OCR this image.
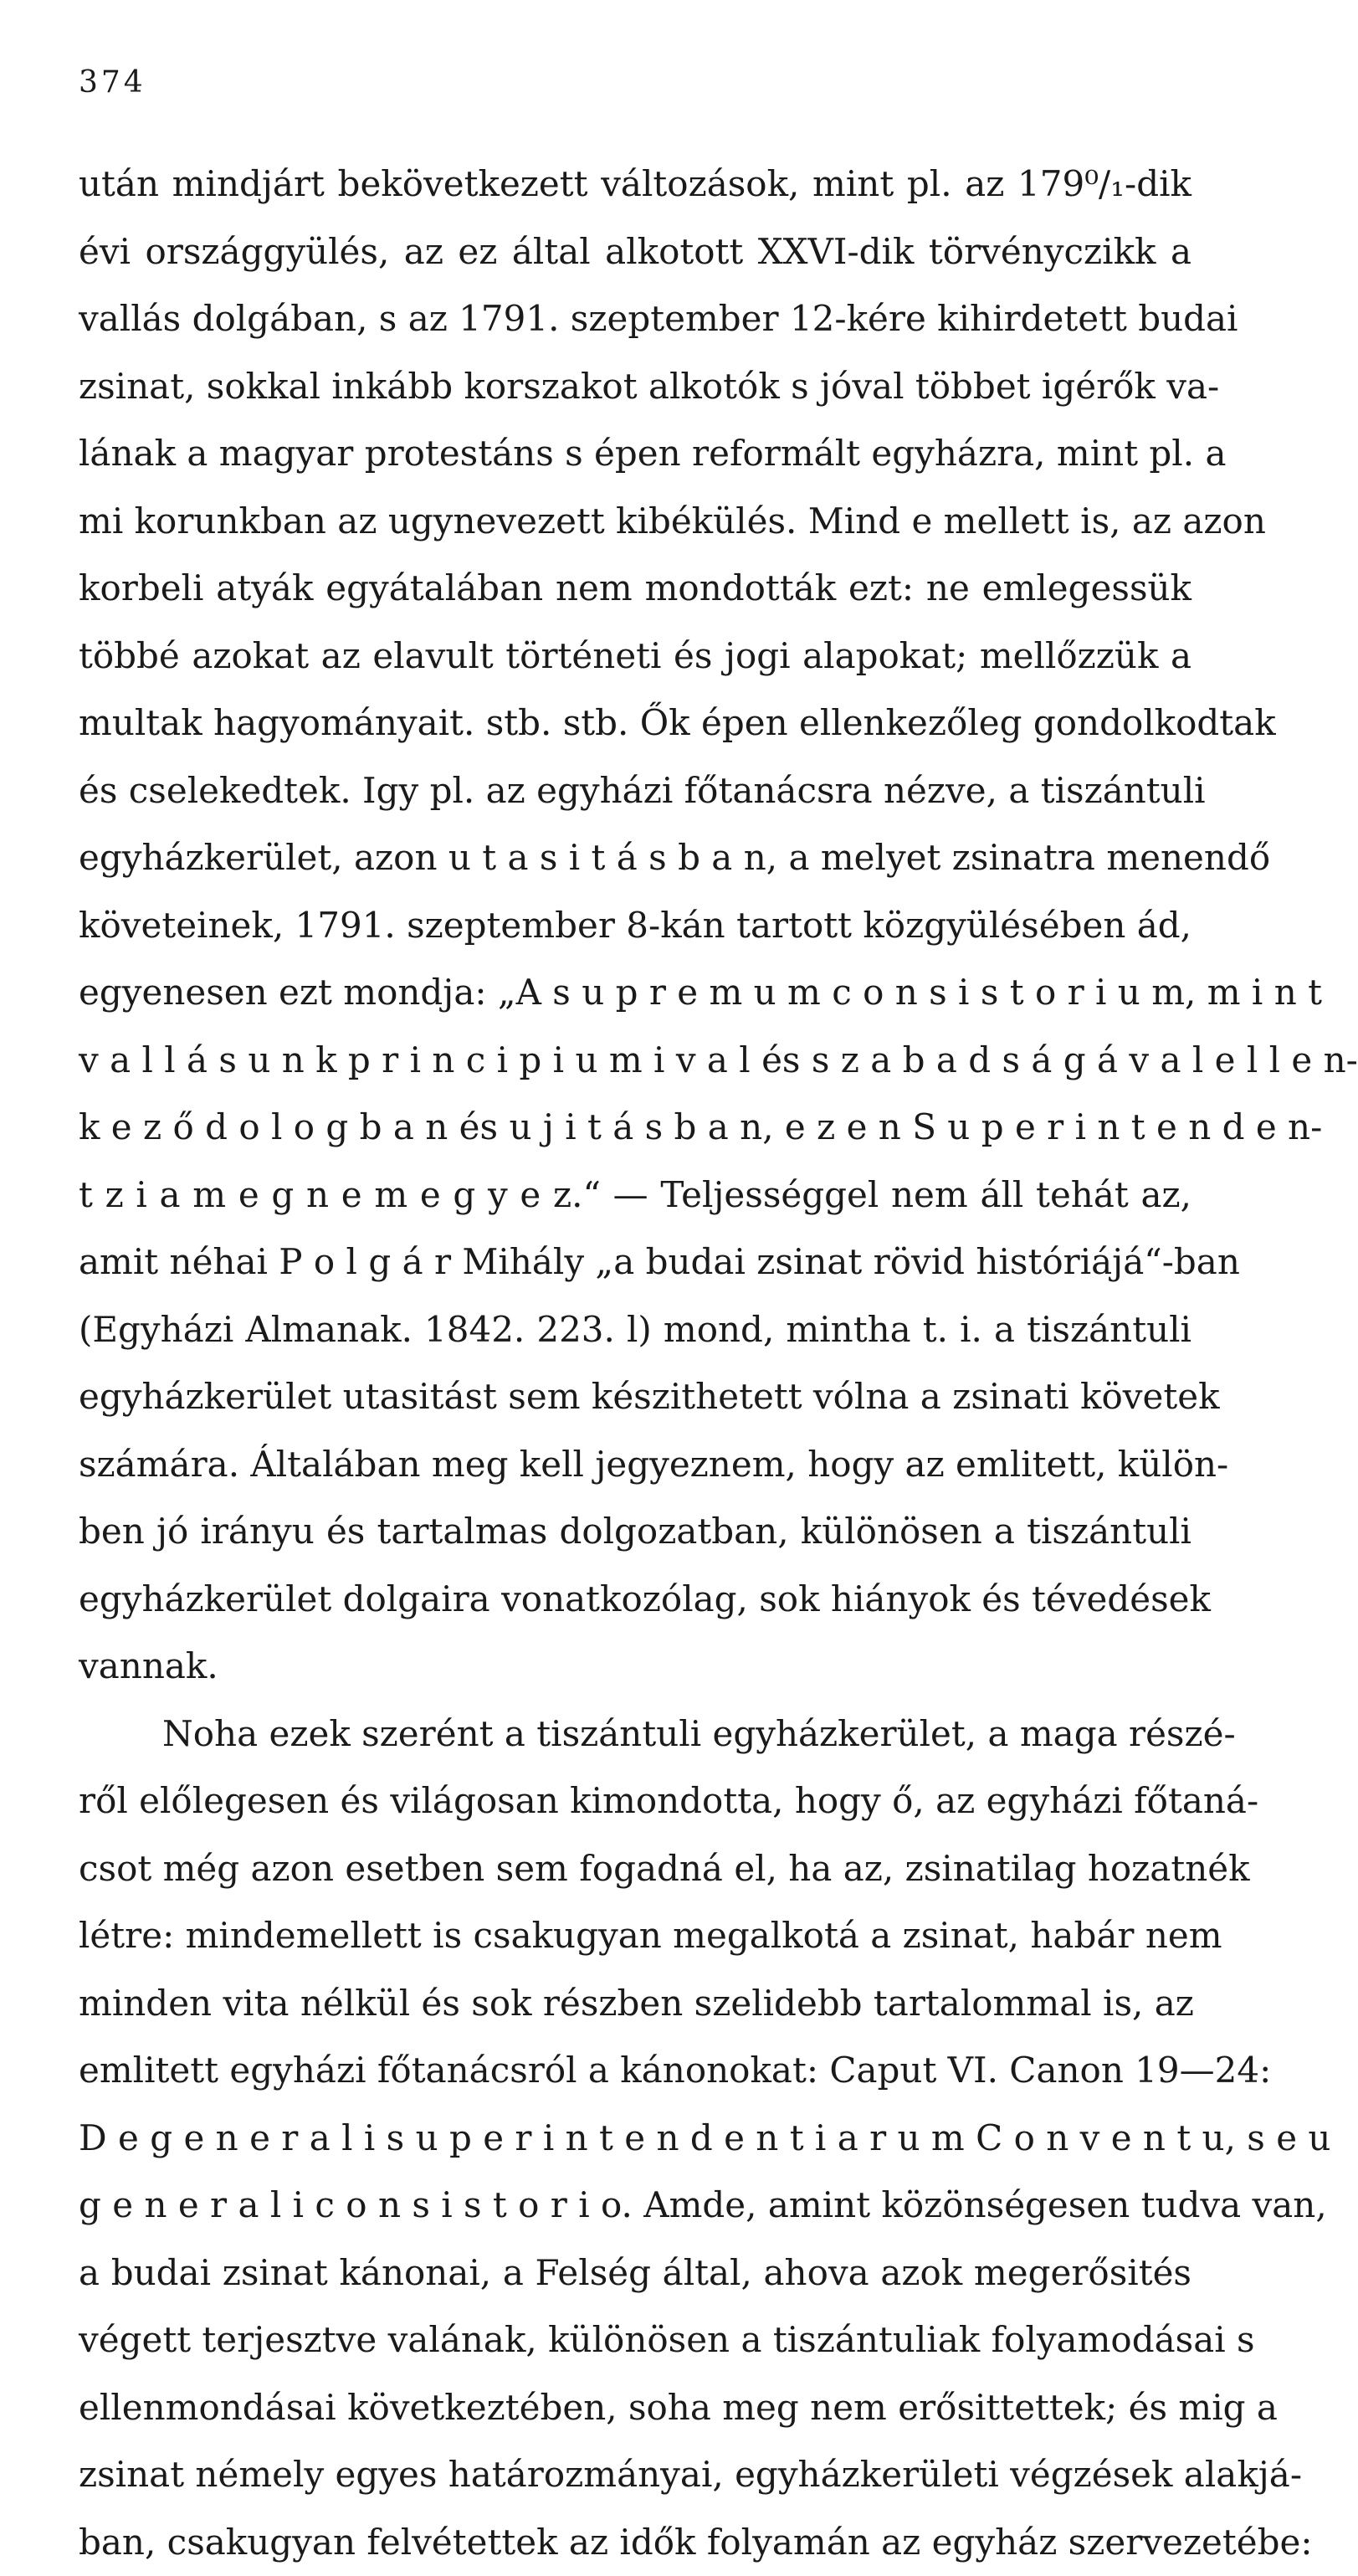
374
után mindjárt bekövetkezett változások, mint pl. az 179⁰/₁-dik
évi országgyülés, az ez által alkotott XXVI-dik törvényczikk a
vallás dolgában, s az 1791. szeptember 12-kére kihirdetett budai
zsinat, sokkal inkább korszakot alkotók s jóval többet igérők va-
lának a magyar protestáns s épen reformált egyházra, mint pl. a
mi korunkban az ugynevezett kibékülés. Mind e mellett is, az azon
korbeli atyák egyátalában nem mondották ezt: ne emlegessük
többé azokat az elavult történeti és jogi alapokat; mellőzzük a
multak hagyományait. stb. stb. Ők épen ellenkezőleg gondolkodtak
és cselekedtek. Igy pl. az egyházi főtanácsra nézve, a tiszántuli
egyházkerület, azon u t a s i t á s b a n, a melyet zsinatra menendő
követeinek, 1791. szeptember 8-kán tartott közgyülésében ád,
egyenesen ezt mondja: „A s u p r e m u m c o n s i s t o r i u m, m i n t
v a l l á s u n k p r i n c i p i u m i v a l és s z a b a d s á g á v a l e l l e n-
k e z ő d o l o g b a n és u j i t á s b a n, e z e n S u p e r i n t e n d e n-
t z i a m e g n e m e g y e z.“ — Teljességgel nem áll tehát az,
amit néhai P o l g á r Mihály „a budai zsinat rövid históriájá“-ban
(Egyházi Almanak. 1842. 223. l) mond, mintha t. i. a tiszántuli
egyházkerület utasitást sem készithetett vólna a zsinati követek
számára. Általában meg kell jegyeznem, hogy az emlitett, külön-
ben jó irányu és tartalmas dolgozatban, különösen a tiszántuli
egyházkerület dolgaira vonatkozólag, sok hiányok és tévedések
vannak.
Noha ezek szerént a tiszántuli egyházkerület, a maga részé-
ről előlegesen és világosan kimondotta, hogy ő, az egyházi főtaná-
csot még azon esetben sem fogadná el, ha az, zsinatilag hozatnék
létre: mindemellett is csakugyan megalkotá a zsinat, habár nem
minden vita nélkül és sok részben szelidebb tartalommal is, az
emlitett egyházi főtanácsról a kánonokat: Caput VI. Canon 19—24:
D e g e n e r a l i s u p e r i n t e n d e n t i a r u m C o n v e n t u, s e u
g e n e r a l i c o n s i s t o r i o. Amde, amint közönségesen tudva van,
a budai zsinat kánonai, a Felség által, ahova azok megerősités
végett terjesztve valának, különösen a tiszántuliak folyamodásai s
ellenmondásai következtében, soha meg nem erősittettek; és mig a
zsinat némely egyes határozmányai, egyházkerületi végzések alakjá-
ban, csakugyan felvétettek az idők folyamán az egyház szervezetébe:
